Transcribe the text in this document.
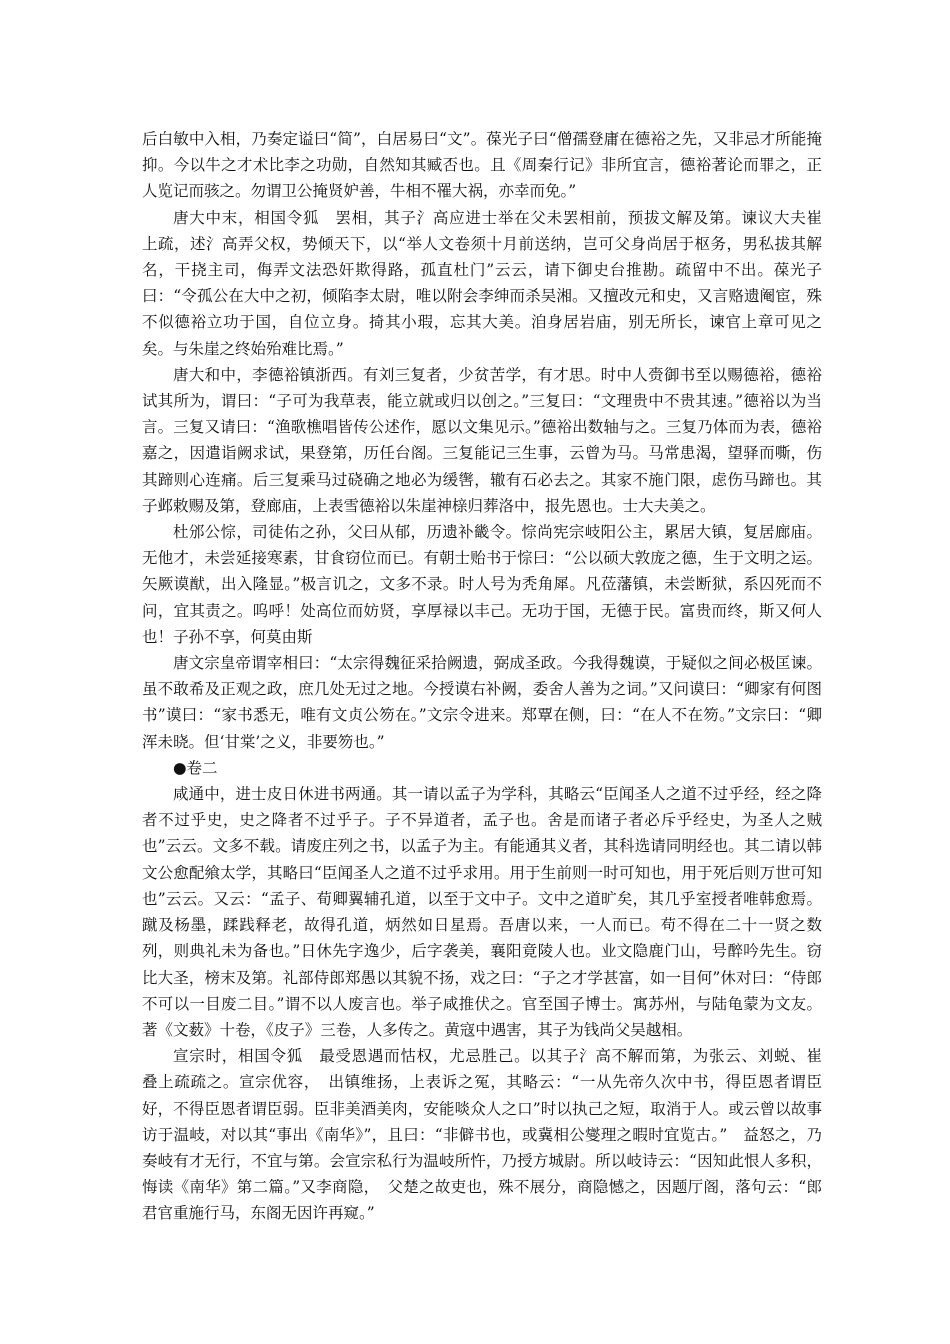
后白敏中入相，乃奏定谥曰“简”，白居易曰“文”。葆光子曰“僧孺登庸在德裕之先，又非忌才所能掩抑。今以牛之才术比李之功勋，自然知其臧否也。且《周秦行记》非所宜言，德裕著论而罪之，正人览记而骇之。勿谓卫公掩贤妒善，牛相不罹大祸，亦幸而免。”

唐大中末，相国令狐　罢相，其子氵高应进士举在父未罢相前，预拔文解及第。谏议大夫崔　上疏，述氵高弄父权，势倾天下，以“举人文卷须十月前送纳，岂可父身尚居于枢务，男私拔其解名，干挠主司，侮弄文法恐奸欺得路，孤直杜门”云云，请下御史台推勘。疏留中不出。葆光子曰：“令孤公在大中之初，倾陷李太尉，唯以附会李绅而杀吴湘。又擅改元和史，又言赂遗阉宦，殊不似德裕立功于国，自位立身。掎其小瑕，忘其大美。洎身居岩庙，别无所长，谏官上章可见之矣。与朱崖之终始殆难比焉。”

唐大和中，李德裕镇浙西。有刘三复者，少贫苦学，有才思。时中人赍御书至以赐德裕，德裕试其所为，谓曰：“子可为我草表，能立就或归以创之。”三复曰：“文理贵中不贵其速。”德裕以为当言。三复又请曰：“渔歌樵唱皆传公述作，愿以文集见示。”德裕出数轴与之。三复乃体而为表，德裕嘉之，因遣诣阙求试，果登第，历任台阁。三复能记三生事，云曾为马。马常患渴，望驿而嘶，伤其蹄则心连痛。后三复乘马过硗确之地必为缓辔，辙有石必去之。其家不施门限，虑伤马蹄也。其子邺敕赐及第，登廊庙，上表雪德裕以朱崖神榇归葬洛中，报先恩也。士大夫美之。

杜邠公悰，司徒佑之孙，父曰从郁，历遗补畿令。悰尚宪宗岐阳公主，累居大镇，复居廊庙。无他才，未尝延接寒素，甘食窃位而已。有朝士贻书于悰曰：“公以硕大敦庞之德，生于文明之运。矢厥谟猷，出入隆显。”极言讥之，文多不录。时人号为秃角犀。凡莅藩镇，未尝断狱，系囚死而不问，宜其责之。呜呼！处高位而妨贤，享厚禄以丰己。无功于国，无德于民。富贵而终，斯又何人也！子孙不享，何莫由斯

唐文宗皇帝谓宰相曰：“太宗得魏征采拾阙遗，弼成圣政。今我得魏谟，于疑似之间必极匡谏。虽不敢希及正观之政，庶几处无过之地。今授谟右补阙，委舍人善为之词。”又问谟曰：“卿家有何图书”谟曰：“家书悉无，唯有文贞公笏在。”文宗令进来。郑覃在侧，曰：“在人不在笏。”文宗曰：“卿浑未晓。但‘甘棠’之义，非要笏也。”

●卷二

咸通中，进士皮日休进书两通。其一请以孟子为学科，其略云“臣闻圣人之道不过乎经，经之降者不过乎史，史之降者不过乎子。子不异道者，孟子也。舍是而诸子者必斥乎经史，为圣人之贼也”云云。文多不载。请废庄列之书，以孟子为主。有能通其义者，其科选请同明经也。其二请以韩文公愈配飨太学，其略曰“臣闻圣人之道不过乎求用。用于生前则一时可知也，用于死后则万世可知也”云云。又云：“孟子、荀卿翼辅孔道，以至于文中子。文中之道旷矣，其几乎室授者唯韩愈焉。蹴及杨墨，蹂践释老，故得孔道，炳然如日星焉。吾唐以来，一人而已。苟不得在二十一贤之数列，则典礼未为备也。”日休先字逸少，后字袭美，襄阳竟陵人也。业文隐鹿门山，号醉吟先生。窃比大圣，榜末及第。礼部侍郎郑愚以其貌不扬，戏之曰：“子之才学甚富，如一目何”休对曰：“侍郎不可以一目废二目。”谓不以人废言也。举子咸推伏之。官至国子博士。寓苏州，与陆龟蒙为文友。著《文薮》十卷，《皮子》三卷，人多传之。黄寇中遇害，其子为钱尚父吴越相。

宣宗时，相国令狐　最受恩遇而怙权，尤忌胜己。以其子氵高不解而第，为张云、刘蜕、崔　叠上疏疏之。宣宗优容，　出镇维扬，上表诉之冤，其略云：“一从先帝久次中书，得臣恩者谓臣好，不得臣恩者谓臣弱。臣非美酒美肉，安能啖众人之口”时以执己之短，取消于人。或云曾以故事访于温岐，对以其“事出《南华》”，且曰：“非僻书也，或冀相公燮理之暇时宜览古。”　益怒之，乃奏岐有才无行，不宜与第。会宣宗私行为温岐所忤，乃授方城尉。所以岐诗云：“因知此恨人多积，悔读《南华》第二篇。”又李商隐，　父楚之故吏也，殊不展分，商隐憾之，因题厅阁，落句云：“郎君官重施行马，东阁无因许再窥。”
